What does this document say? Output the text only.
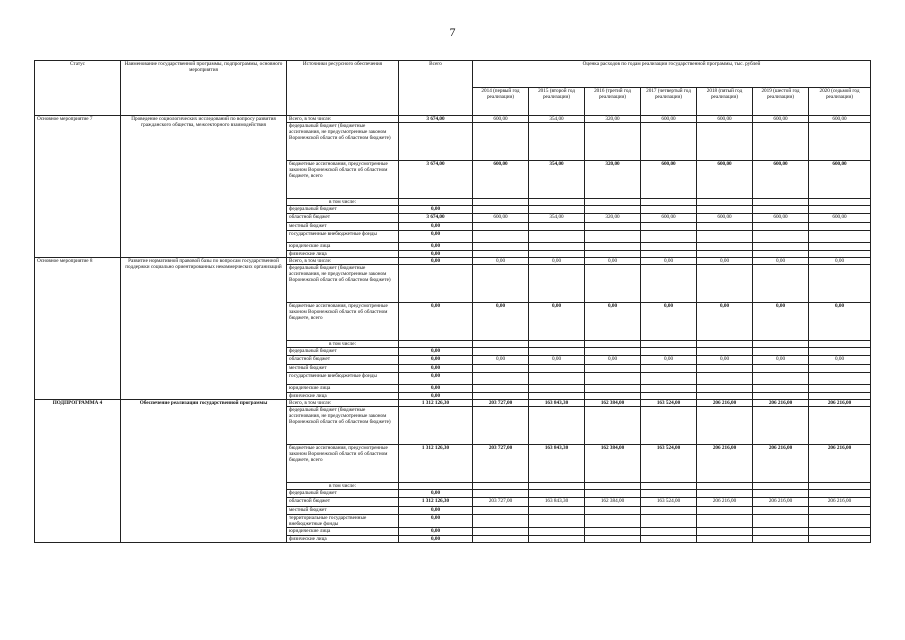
7
Статус	Наименование государственной программы, подпрограммы, основного мероприятия	Источники ресурсного обеспечения	Всего	Оценка расходов по годам реализации государственной программы, тыс. рублей						
				2014 (первый год реализации)	2015 (второй год реализации)	2016 (третий год реализации)	2017 (четвертый год реализации)	2018 (пятый год реализации)	2019 (шестой год реализации)	2020 (седьмой год реализации)
Основное мероприятие 7	Проведение социологических исследований по вопросу развития гражданского общества, межсекторного взаимодействия	Всего, в том числе:	3 674,00	600,00	354,00	320,00	600,00	600,00	600,00	600,00
		федеральный бюджет (бюджетные ассигнования, не предусмотренные законом Воронежской области об областном бюджете)								
		бюджетные ассигнования, предусмотренные законом Воронежской области об областном бюджете, всего	3 674,00	600,00	354,00	320,00	600,00	600,00	600,00	600,00
		в том числе:								
		федеральный бюджет	0,00							
		областной бюджет	3 674,00	600,00	354,00	320,00	600,00	600,00	600,00	600,00
		местный бюджет	0,00							
		государственные внебюджетные фонды	0,00							
		юридические лица	0,00							
		физические лица	0,00							
Основное мероприятие 8	Развитие нормативной правовой базы по вопросам государственной поддержки социально ориентированных некоммерческих организаций	Всего, в том числе:	0,00	0,00	0,00	0,00	0,00	0,00	0,00	0,00
		федеральный бюджет (бюджетные ассигнования, не предусмотренные законом Воронежской области об областном бюджете)								
		бюджетные ассигнования, предусмотренные законом Воронежской области об областном бюджете, всего	0,00	0,00	0,00	0,00	0,00	0,00	0,00	0,00
		в том числе:								
		федеральный бюджет	0,00							
		областной бюджет	0,00	0,00	0,00	0,00	0,00	0,00	0,00	0,00
		местный бюджет	0,00							
		государственные внебюджетные фонды	0,00							
		юридические лица	0,00							
		физические лица	0,00							
ПОДПРОГРАММА 4	Обеспечение реализации государственной программы	Всего, в том числе:	1 312 126,30	203 727,00	163 843,30	162 384,00	163 524,00	206 216,00	206 216,00	206 216,00
		федеральный бюджет (бюджетные ассигнования, не предусмотренные законом Воронежской области об областном бюджете)								
		бюджетные ассигнования, предусмотренные законом Воронежской области об областном бюджете, всего	1 312 126,30	203 727,00	163 843,30	162 384,00	163 524,00	206 216,00	206 216,00	206 216,00
		в том числе:								
		федеральный бюджет	0,00							
		областной бюджет	1 312 126,30	203 727,00	163 843,30	162 384,00	163 524,00	206 216,00	206 216,00	206 216,00
		местный бюджет	0,00							
		территориальные государственные внебюджетные фонды	0,00							
		юридические лица	0,00							
		физические лица	0,00							
